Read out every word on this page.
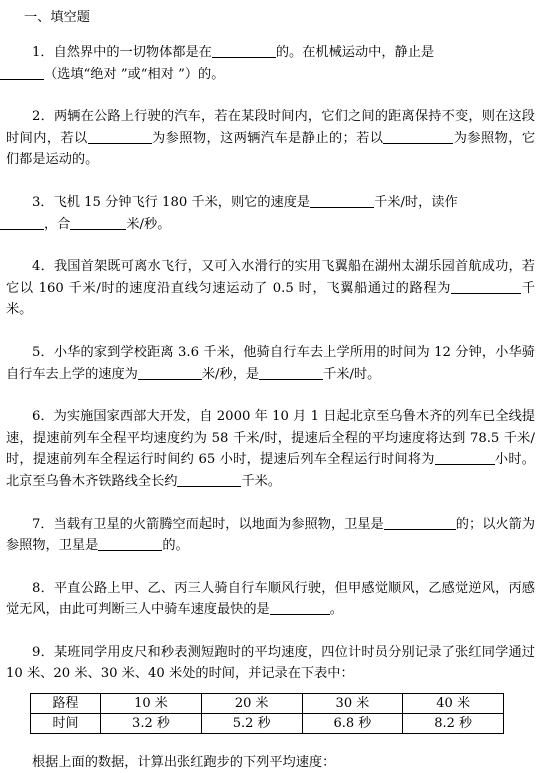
一、填空题

1．自然界中的一切物体都是在	的。在机械运动中，静止是
（选填“绝对 ”或“相对 ”）的。

2．两辆在公路上行驶的汽车，若在某段时间内，它们之间的距离保持不变，则在这段时间内，若以	为参照物，这两辆汽车是静止的；若以	为参照物，它们都是运动的。

3．飞机 15 分钟飞行 180 千米，则它的速度是	千米/时，读作
，合	米/秒。

4．我国首架既可离水飞行，又可入水滑行的实用飞翼船在湖州太湖乐园首航成功，若它以 160 千米/时的速度沿直线匀速运动了 0.5 时，飞翼船通过的路程为	千米。

5．小华的家到学校距离 3.6 千米，他骑自行车去上学所用的时间为 12 分钟，小华骑自行车去上学的速度为	米/秒，是	千米/时。

6．为实施国家西部大开发，自 2000 年 10 月 1 日起北京至乌鲁木齐的列车已全线提速，提速前列车全程平均速度约为 58 千米/时，提速后全程的平均速度将达到 78.5 千米/时，提速前列车全程运行时间约 65 小时，提速后列车全程运行时间将为	小时。北京至乌鲁木齐铁路线全长约	千米。

7．当载有卫星的火箭腾空而起时，以地面为参照物，卫星是	的；以火箭为参照物，卫星是	的。

8．平直公路上甲、乙、丙三人骑自行车顺风行驶，但甲感觉顺风，乙感觉逆风，丙感觉无风，由此可判断三人中骑车速度最快的是	。

9．某班同学用皮尺和秒表测短跑时的平均速度，四位计时员分别记录了张红同学通过 10 米、20 米、30 米、40 米处的时间，并记录在下表中：

路程	10 米	20 米	30 米	40 米
时间	3.2 秒	5.2 秒	6.8 秒	8.2 秒
根据上面的数据，计算出张红跑步的下列平均速度：
